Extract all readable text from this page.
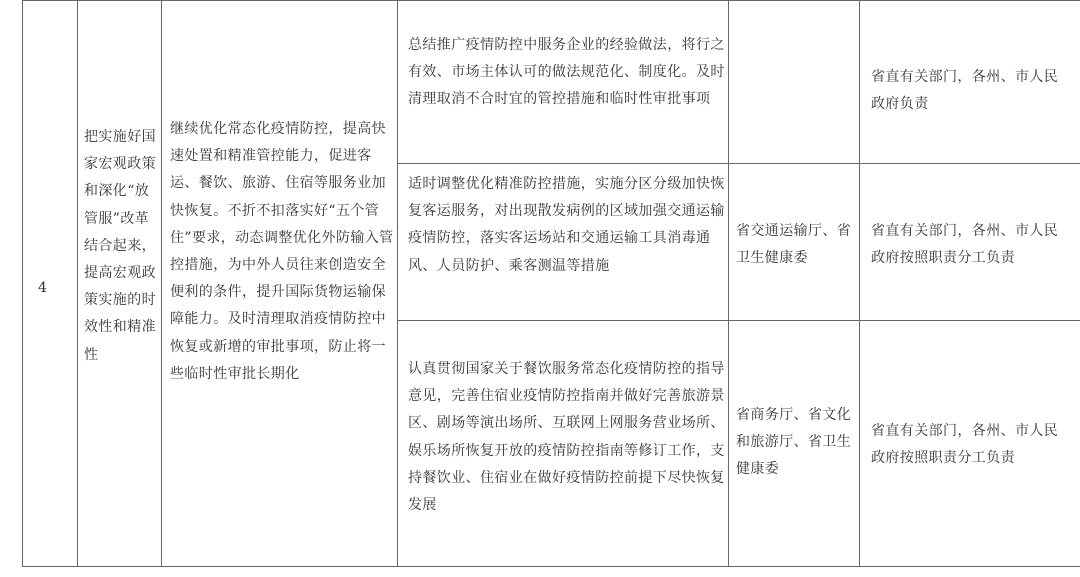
4
把实施好国家宏观政策和深化“放管服”改革结合起来，提高宏观政策实施的时效性和精准性
继续优化常态化疫情防控，提高快速处置和精准管控能力，促进客运、餐饮、旅游、住宿等服务业加快恢复。不折不扣落实好“五个管住”要求，动态调整优化外防输入管控措施，为中外人员往来创造安全便利的条件，提升国际货物运输保障能力。及时清理取消疫情防控中恢复或新增的审批事项，防止将一些临时性审批长期化
总结推广疫情防控中服务企业的经验做法，将行之有效、市场主体认可的做法规范化、制度化。及时清理取消不合时宜的管控措施和临时性审批事项
省直有关部门，各州、市人民政府负责
适时调整优化精准防控措施，实施分区分级加快恢复客运服务，对出现散发病例的区域加强交通运输疫情防控，落实客运场站和交通运输工具消毒通风、人员防护、乘客测温等措施
省交通运输厅、省卫生健康委
省直有关部门，各州、市人民政府按照职责分工负责
认真贯彻国家关于餐饮服务常态化疫情防控的指导意见，完善住宿业疫情防控指南并做好完善旅游景区、剧场等演出场所、互联网上网服务营业场所、娱乐场所恢复开放的疫情防控指南等修订工作，支持餐饮业、住宿业在做好疫情防控前提下尽快恢复发展
省商务厅、省文化和旅游厅、省卫生健康委
省直有关部门，各州、市人民政府按照职责分工负责
